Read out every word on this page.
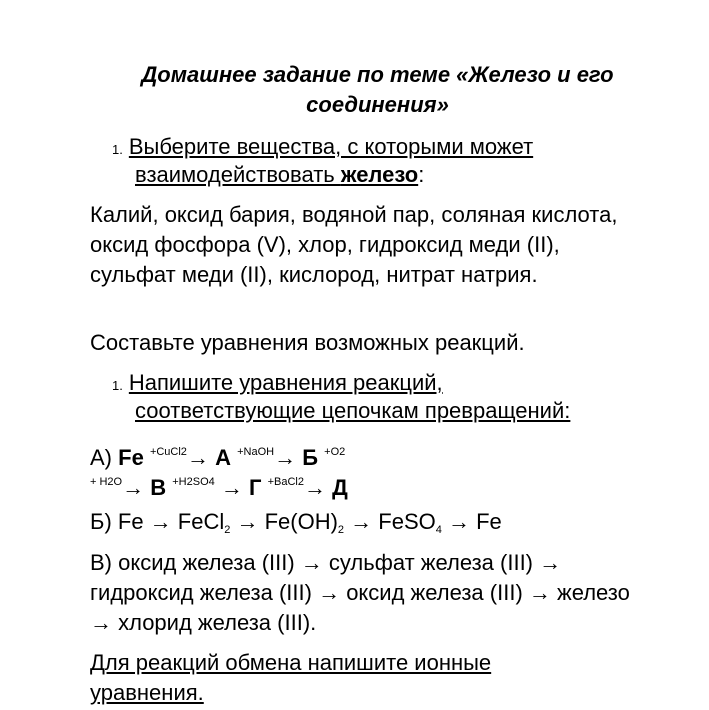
Домашнее задание по теме «Железо и его соединения»
1. Выберите вещества, с которыми может
взаимодействовать железо:
Калий, оксид бария, водяной пар, соляная кислота, оксид фосфора (V), хлор, гидроксид меди (II), сульфат меди (II), кислород, нитрат натрия.
Составьте уравнения возможных реакций.
1. Напишите уравнения реакций,
соответствующие цепочкам превращений:
А) Fe $^{+CuCl2}$→ А $^{+NaOH}$→ Б $^{+O2}$
$^{+ H2O}$→ В $^{+H2SO4}$ → Г $^{+BaCl2}$→ Д
Б) Fe → FeCl2 → Fe(OH)2 → FeSO4 → Fe
В) оксид железа (III) → сульфат железа (III) → гидроксид железа (III) → оксид железа (III) → железо → хлорид железа (III).
Для реакций обмена напишите ионные уравнения.
